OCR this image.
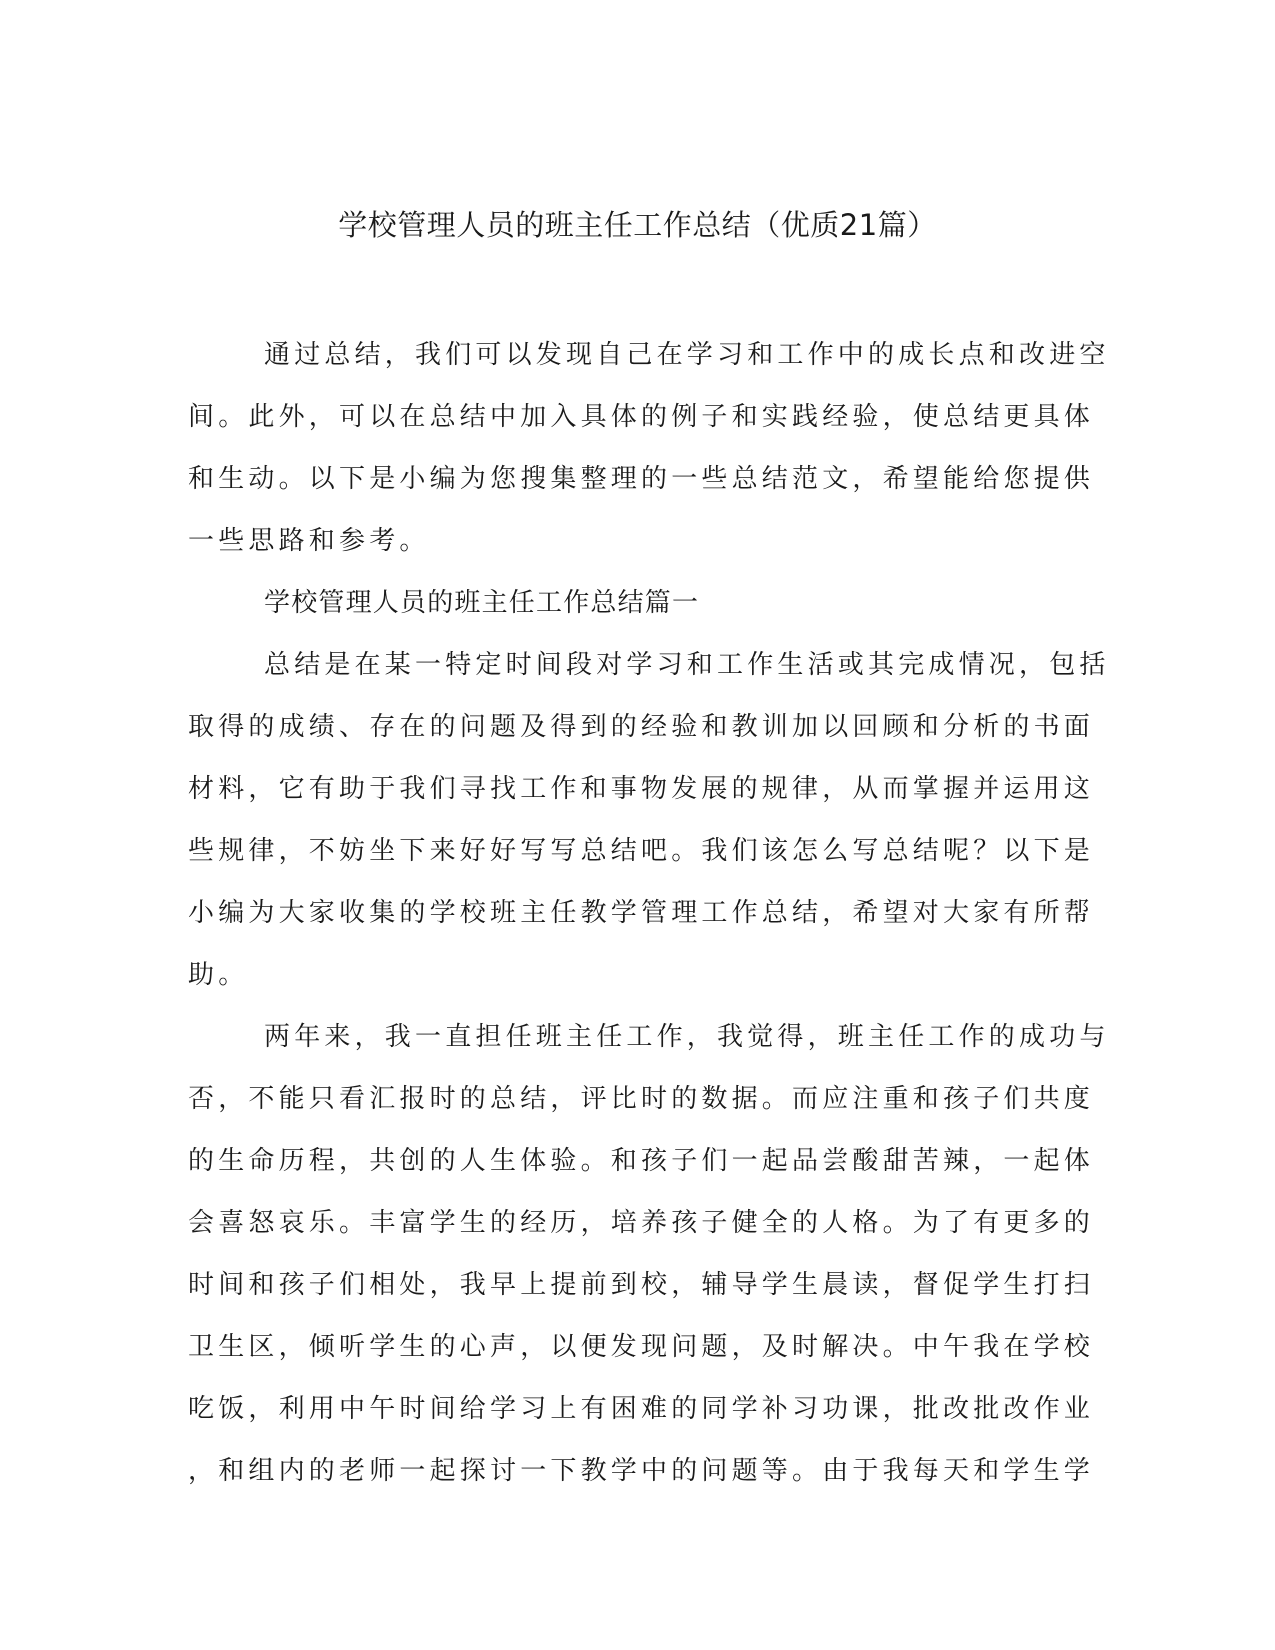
学校管理人员的班主任工作总结（优质21篇）
通过总结，我们可以发现自己在学习和工作中的成长点和改进空
间。此外，可以在总结中加入具体的例子和实践经验，使总结更具体
和生动。以下是小编为您搜集整理的一些总结范文，希望能给您提供
一些思路和参考。
学校管理人员的班主任工作总结篇一
总结是在某一特定时间段对学习和工作生活或其完成情况，包括
取得的成绩、存在的问题及得到的经验和教训加以回顾和分析的书面
材料，它有助于我们寻找工作和事物发展的规律，从而掌握并运用这
些规律，不妨坐下来好好写写总结吧。我们该怎么写总结呢？以下是
小编为大家收集的学校班主任教学管理工作总结，希望对大家有所帮
助。
两年来，我一直担任班主任工作，我觉得，班主任工作的成功与
否，不能只看汇报时的总结，评比时的数据。而应注重和孩子们共度
的生命历程，共创的人生体验。和孩子们一起品尝酸甜苦辣，一起体
会喜怒哀乐。丰富学生的经历，培养孩子健全的人格。为了有更多的
时间和孩子们相处，我早上提前到校，辅导学生晨读，督促学生打扫
卫生区，倾听学生的心声，以便发现问题，及时解决。中午我在学校
吃饭，利用中午时间给学习上有困难的同学补习功课，批改批改作业
，和组内的老师一起探讨一下教学中的问题等。由于我每天和学生学
